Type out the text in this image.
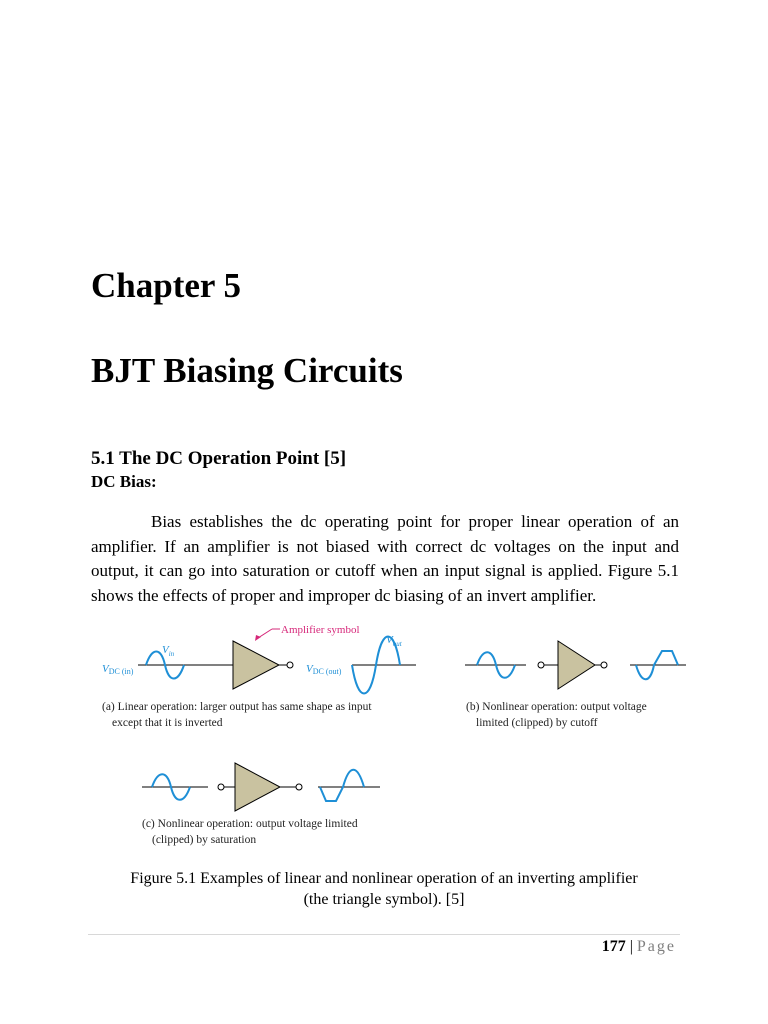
Chapter 5
BJT Biasing Circuits
5.1 The DC Operation Point [5]
DC Bias:
Bias establishes the dc operating point for proper linear operation of an amplifier. If an amplifier is not biased with correct dc voltages on the input and output, it can go into saturation or cutoff when an input signal is applied. Figure 5.1 shows the effects of proper and improper dc biasing of an invert amplifier.
Amplifier symbol
$V_{in}$
VDC (in)
$V_{out}$
VDC (out)
(a) Linear operation: larger output has same shape as input
except that it is inverted
(b) Nonlinear operation: output voltage
limited (clipped) by cutoff
(c) Nonlinear operation: output voltage limited
(clipped) by saturation
Figure 5.1 Examples of linear and nonlinear operation of an inverting amplifier
(the triangle symbol). [5]
177 | Page
